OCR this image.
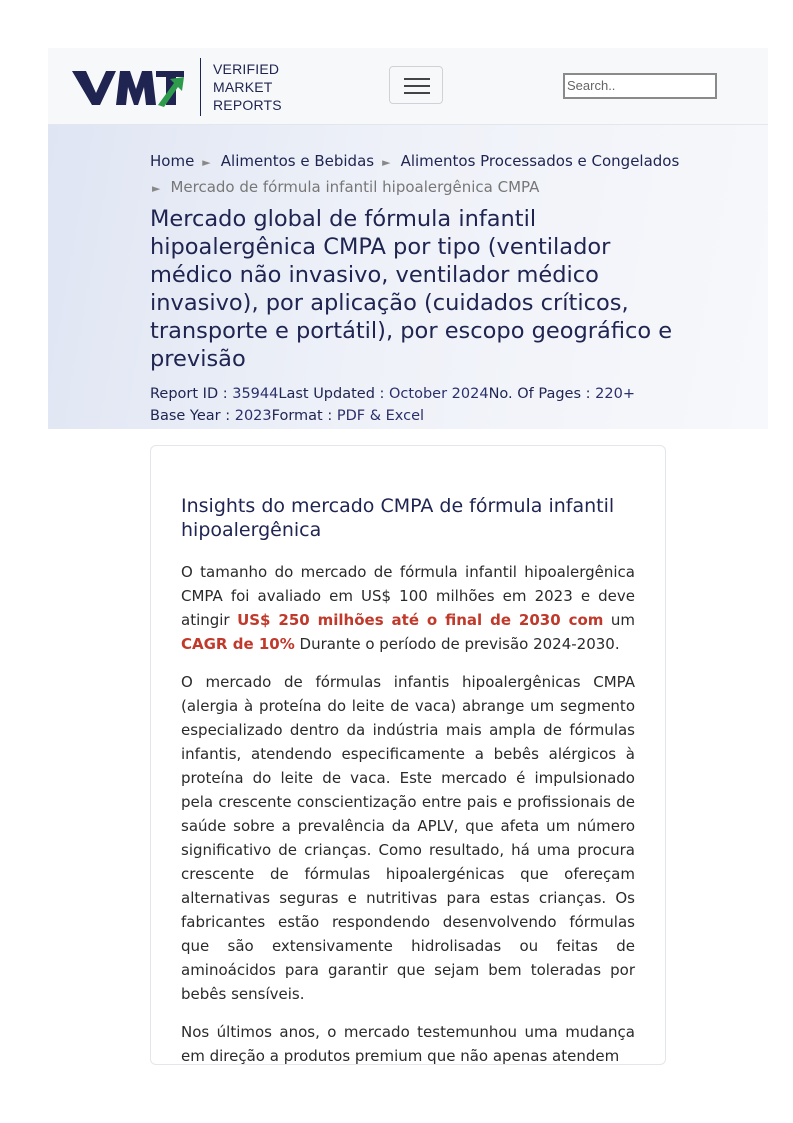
VERIFIED
MARKET
REPORTS
Search..
Home ► Alimentos e Bebidas ► Alimentos Processados e Congelados
► Mercado de fórmula infantil hipoalergênica CMPA
Mercado global de fórmula infantil hipoalergênica CMPA por tipo (ventilador médico não invasivo, ventilador médico invasivo), por aplicação (cuidados críticos, transporte e portátil), por escopo geográfico e previsão
Report ID : 35944Last Updated : October 2024No. Of Pages : 220+
Base Year : 2023Format : PDF & Excel
Insights do mercado CMPA de fórmula infantil hipoalergênica

O tamanho do mercado de fórmula infantil hipoalergênica CMPA foi avaliado em US$ 100 milhões em 2023 e deve atingir US$ 250 milhões até o final de 2030 com um CAGR de 10% Durante o período de previsão 2024-2030.

O mercado de fórmulas infantis hipoalergênicas CMPA (alergia à proteína do leite de vaca) abrange um segmento especializado dentro da indústria mais ampla de fórmulas infantis, atendendo especificamente a bebês alérgicos à proteína do leite de vaca. Este mercado é impulsionado pela crescente conscientização entre pais e profissionais de saúde sobre a prevalência da APLV, que afeta um número significativo de crianças. Como resultado, há uma procura crescente de fórmulas hipoalergénicas que ofereçam alternativas seguras e nutritivas para estas crianças. Os fabricantes estão respondendo desenvolvendo fórmulas que são extensivamente hidrolisadas ou feitas de aminoácidos para garantir que sejam bem toleradas por bebês sensíveis.

Nos últimos anos, o mercado testemunhou uma mudança em direção a produtos premium que não apenas atendem
